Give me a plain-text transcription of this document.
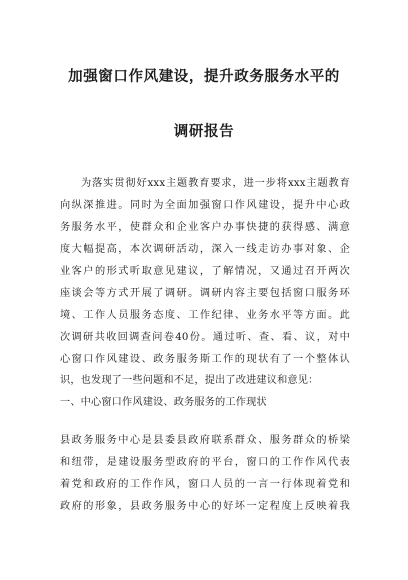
加强窗口作风建设，提升政务服务水平的
调研报告
为落实贯彻好xxx主题教育要求，进一步将xxx主题教育
向纵深推进。同时为全面加强窗口作风建设，提升中心政
务服务水平，使群众和企业客户办事快捷的获得感、满意
度大幅提高，本次调研活动，深入一线走访办事对象、企
业客户的形式听取意见建议，了解情况，又通过召开两次
座谈会等方式开展了调研。调研内容主要包括窗口服务环
境、工作人员服务态度、工作纪律、业务水平等方面。此
次调研共收回调查问卷40份。通过听、查、看、议，对中
心窗口作风建设、政务服务斯工作的现状有了一个整体认
识，也发现了一些问题和不足，提出了改进建议和意见：
一、中心窗口作风建设、政务服务的工作现状
县政务服务中心是县委县政府联系群众、服务群众的桥梁
和纽带，是建设服务型政府的平台，窗口的工作作风代表
着党和政府的工作作风，窗口人员的一言一行体现着党和
政府的形象，县政务服务中心的好坏一定程度上反映着我
